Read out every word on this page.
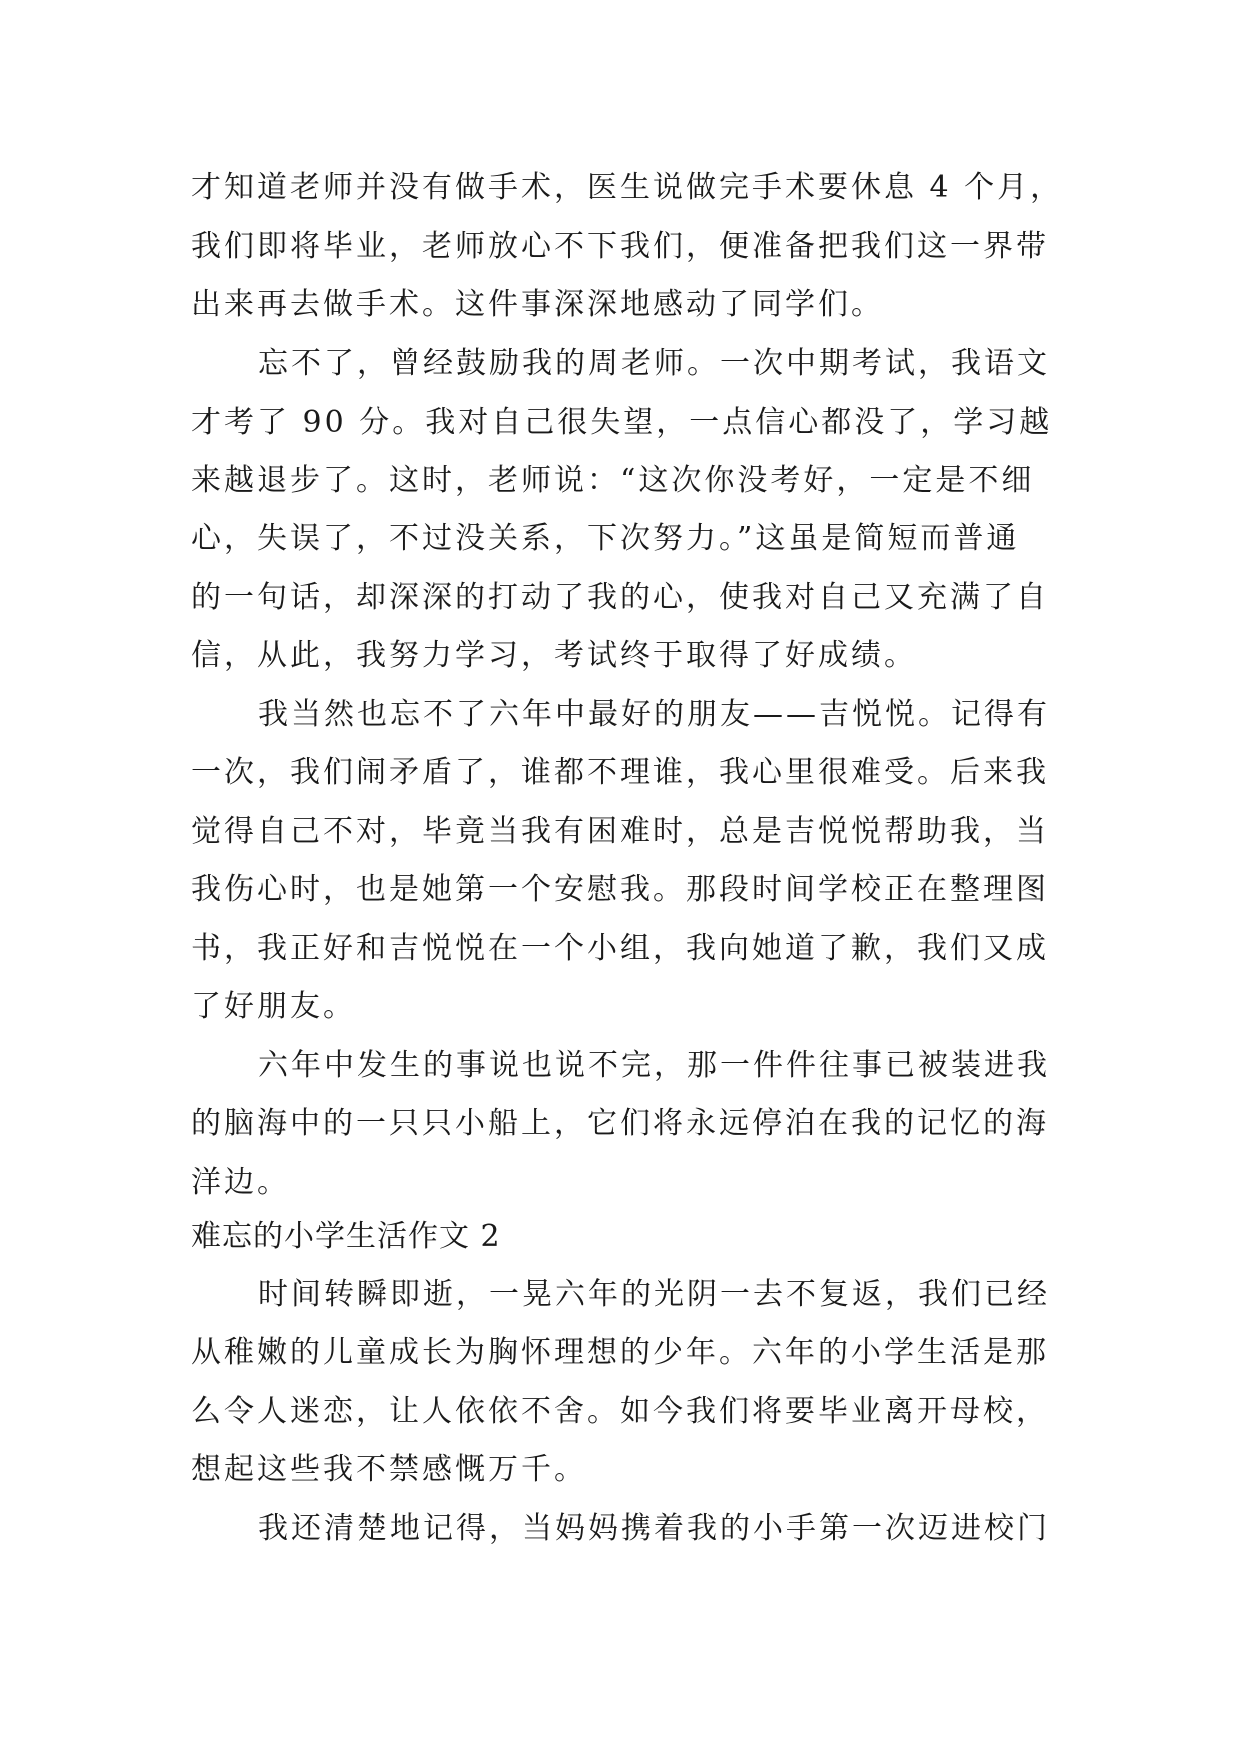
才知道老师并没有做手术，医生说做完手术要休息 4 个月，
我们即将毕业，老师放心不下我们，便准备把我们这一界带
出来再去做手术。这件事深深地感动了同学们。
忘不了，曾经鼓励我的周老师。一次中期考试，我语文
才考了 90 分。我对自己很失望，一点信心都没了，学习越
来越退步了。这时，老师说：“这次你没考好，一定是不细
心，失误了，不过没关系，下次努力。”这虽是简短而普通
的一句话，却深深的打动了我的心，使我对自己又充满了自
信，从此，我努力学习，考试终于取得了好成绩。
我当然也忘不了六年中最好的朋友——吉悦悦。记得有
一次，我们闹矛盾了，谁都不理谁，我心里很难受。后来我
觉得自己不对，毕竟当我有困难时，总是吉悦悦帮助我，当
我伤心时，也是她第一个安慰我。那段时间学校正在整理图
书，我正好和吉悦悦在一个小组，我向她道了歉，我们又成
了好朋友。
六年中发生的事说也说不完，那一件件往事已被装进我
的脑海中的一只只小船上，它们将永远停泊在我的记忆的海
洋边。
难忘的小学生活作文 2
时间转瞬即逝，一晃六年的光阴一去不复返，我们已经
从稚嫩的儿童成长为胸怀理想的少年。六年的小学生活是那
么令人迷恋，让人依依不舍。如今我们将要毕业离开母校，
想起这些我不禁感慨万千。
我还清楚地记得，当妈妈携着我的小手第一次迈进校门
